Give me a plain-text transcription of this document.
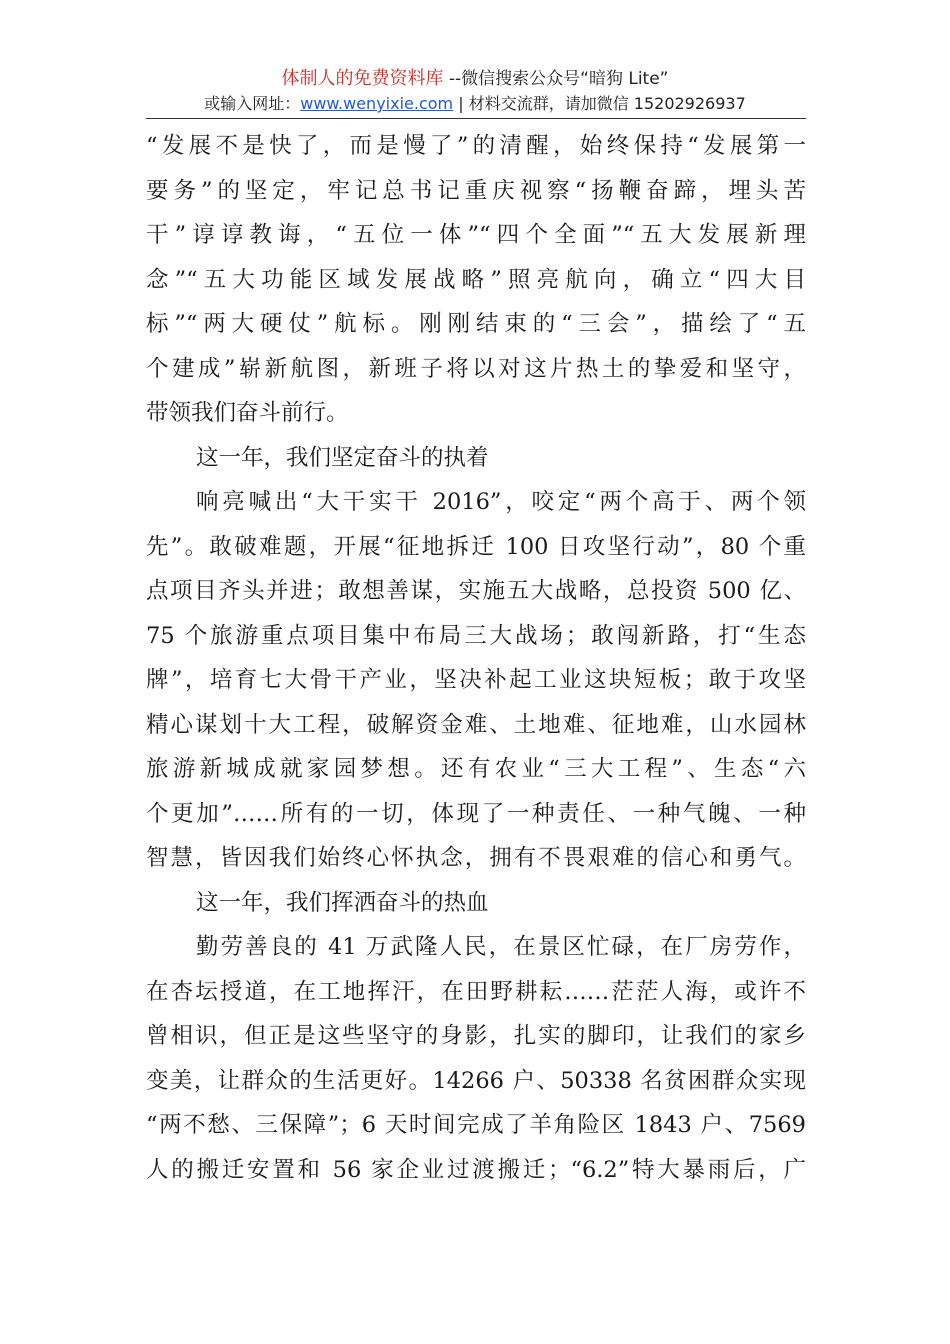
体制人的免费资料库 --微信搜索公众号“暗狗 Lite”
或输入网址：www.wenyixie.com | 材料交流群，请加微信 15202926937
“发展不是快了，而是慢了”的清醒，始终保持“发展第一
要务”的坚定，牢记总书记重庆视察“扬鞭奋蹄，埋头苦
干”谆谆教诲，“五位一体”“四个全面”“五大发展新理
念”“五大功能区域发展战略”照亮航向，确立“四大目
标”“两大硬仗”航标。刚刚结束的“三会”，描绘了“五
个建成”崭新航图，新班子将以对这片热土的挚爱和坚守，
带领我们奋斗前行。
这一年，我们坚定奋斗的执着
响亮喊出“大干实干 2016”，咬定“两个高于、两个领
先”。敢破难题，开展“征地拆迁 100 日攻坚行动”，80 个重
点项目齐头并进；敢想善谋，实施五大战略，总投资 500 亿、
75 个旅游重点项目集中布局三大战场；敢闯新路，打“生态
牌”，培育七大骨干产业，坚决补起工业这块短板；敢于攻坚
精心谋划十大工程，破解资金难、土地难、征地难，山水园林
旅游新城成就家园梦想。还有农业“三大工程”、生态“六
个更加”……所有的一切，体现了一种责任、一种气魄、一种
智慧，皆因我们始终心怀执念，拥有不畏艰难的信心和勇气。
这一年，我们挥洒奋斗的热血
勤劳善良的 41 万武隆人民，在景区忙碌，在厂房劳作，
在杏坛授道，在工地挥汗，在田野耕耘……茫茫人海，或许不
曾相识，但正是这些坚守的身影，扎实的脚印，让我们的家乡
变美，让群众的生活更好。14266 户、50338 名贫困群众实现
“两不愁、三保障”；6 天时间完成了羊角险区 1843 户、7569
人的搬迁安置和 56 家企业过渡搬迁；“6.2”特大暴雨后，广
